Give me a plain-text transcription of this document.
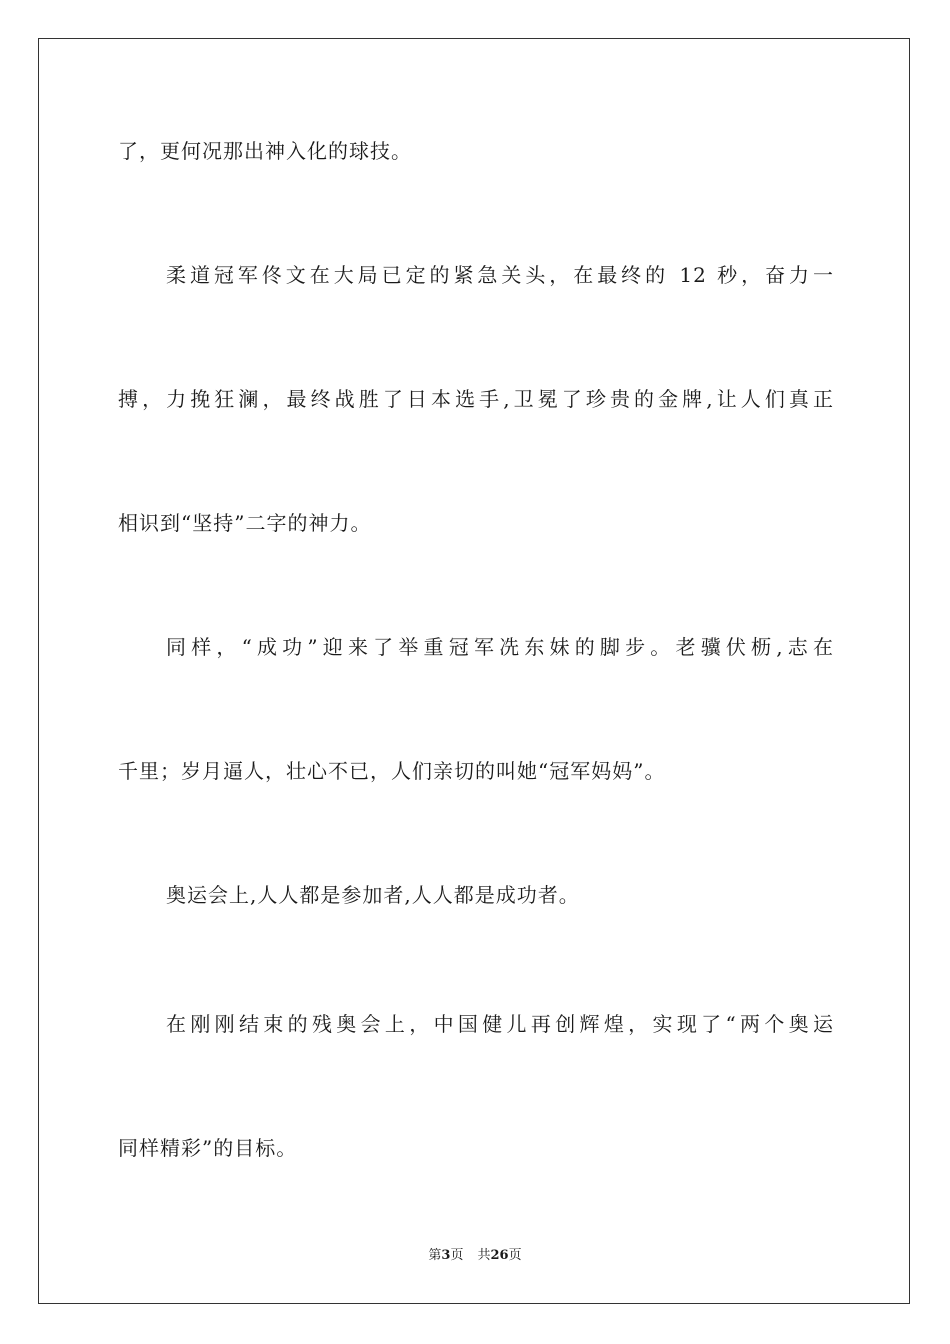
了，更何况那出神入化的球技。
柔道冠军佟文在大局已定的紧急关头，在最终的 12 秒，奋力一
搏，力挽狂澜，最终战胜了日本选手,卫冕了珍贵的金牌,让人们真正
相识到“坚持”二字的神力。
同样，“成功”迎来了举重冠军冼东妹的脚步。老骥伏枥,志在
千里；岁月逼人，壮心不已，人们亲切的叫她“冠军妈妈”。
奥运会上,人人都是参加者,人人都是成功者。
在刚刚结束的残奥会上，中国健儿再创辉煌，实现了“两个奥运
同样精彩”的目标。
第3页 共26页
